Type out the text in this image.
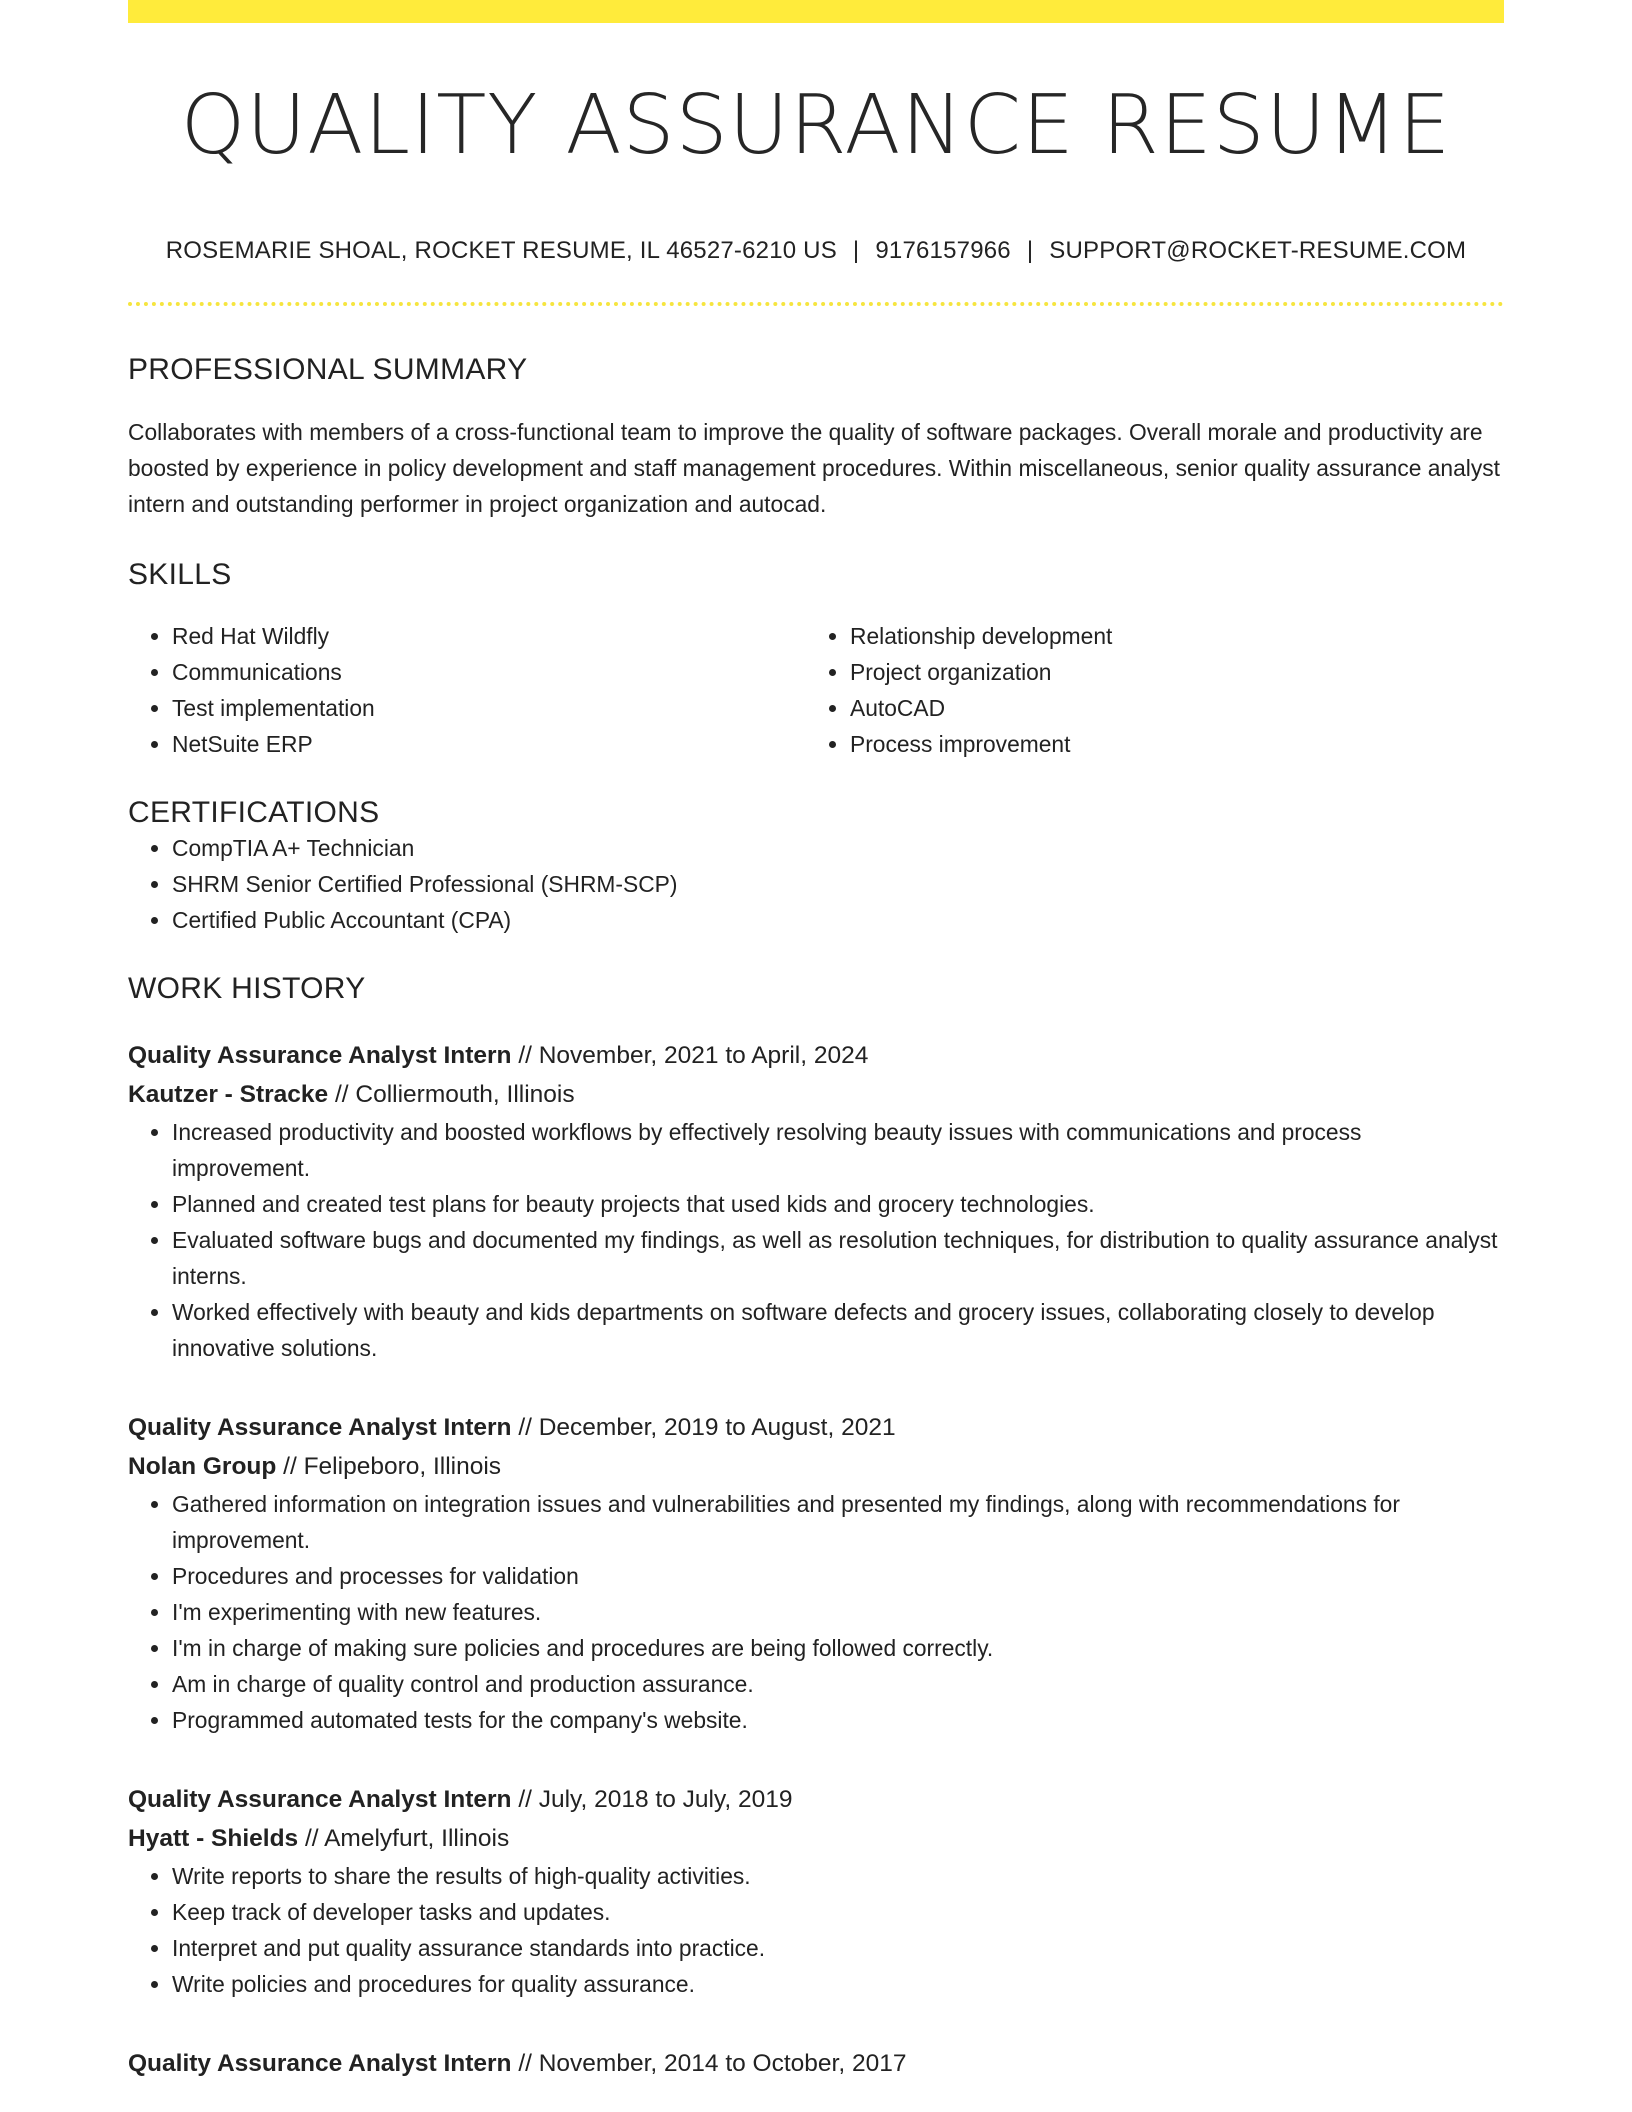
QUALITY ASSURANCE RESUME
ROSEMARIE SHOAL, ROCKET RESUME, IL 46527-6210 US | 9176157966 | SUPPORT@ROCKET-RESUME.COM
PROFESSIONAL SUMMARY

Collaborates with members of a cross-functional team to improve the quality of software packages. Overall morale and productivity are boosted by experience in policy development and staff management procedures. Within miscellaneous, senior quality assurance analyst intern and outstanding performer in project organization and autocad.

SKILLS
• Red Hat Wildfly
• Communications
• Test implementation
• NetSuite ERP
• Relationship development
• Project organization
• AutoCAD
• Process improvement
CERTIFICATIONS
• CompTIA A+ Technician
• SHRM Senior Certified Professional (SHRM-SCP)
• Certified Public Accountant (CPA)
WORK HISTORY
Quality Assurance Analyst Intern // November, 2021 to April, 2024
Kautzer - Stracke // Colliermouth, Illinois
• Increased productivity and boosted workflows by effectively resolving beauty issues with communications and process improvement.
• Planned and created test plans for beauty projects that used kids and grocery technologies.
• Evaluated software bugs and documented my findings, as well as resolution techniques, for distribution to quality assurance analyst interns.
• Worked effectively with beauty and kids departments on software defects and grocery issues, collaborating closely to develop innovative solutions.
Quality Assurance Analyst Intern // December, 2019 to August, 2021
Nolan Group // Felipeboro, Illinois
• Gathered information on integration issues and vulnerabilities and presented my findings, along with recommendations for improvement.
• Procedures and processes for validation
• I'm experimenting with new features.
• I'm in charge of making sure policies and procedures are being followed correctly.
• Am in charge of quality control and production assurance.
• Programmed automated tests for the company's website.
Quality Assurance Analyst Intern // July, 2018 to July, 2019
Hyatt - Shields // Amelyfurt, Illinois
• Write reports to share the results of high-quality activities.
• Keep track of developer tasks and updates.
• Interpret and put quality assurance standards into practice.
• Write policies and procedures for quality assurance.
Quality Assurance Analyst Intern // November, 2014 to October, 2017
